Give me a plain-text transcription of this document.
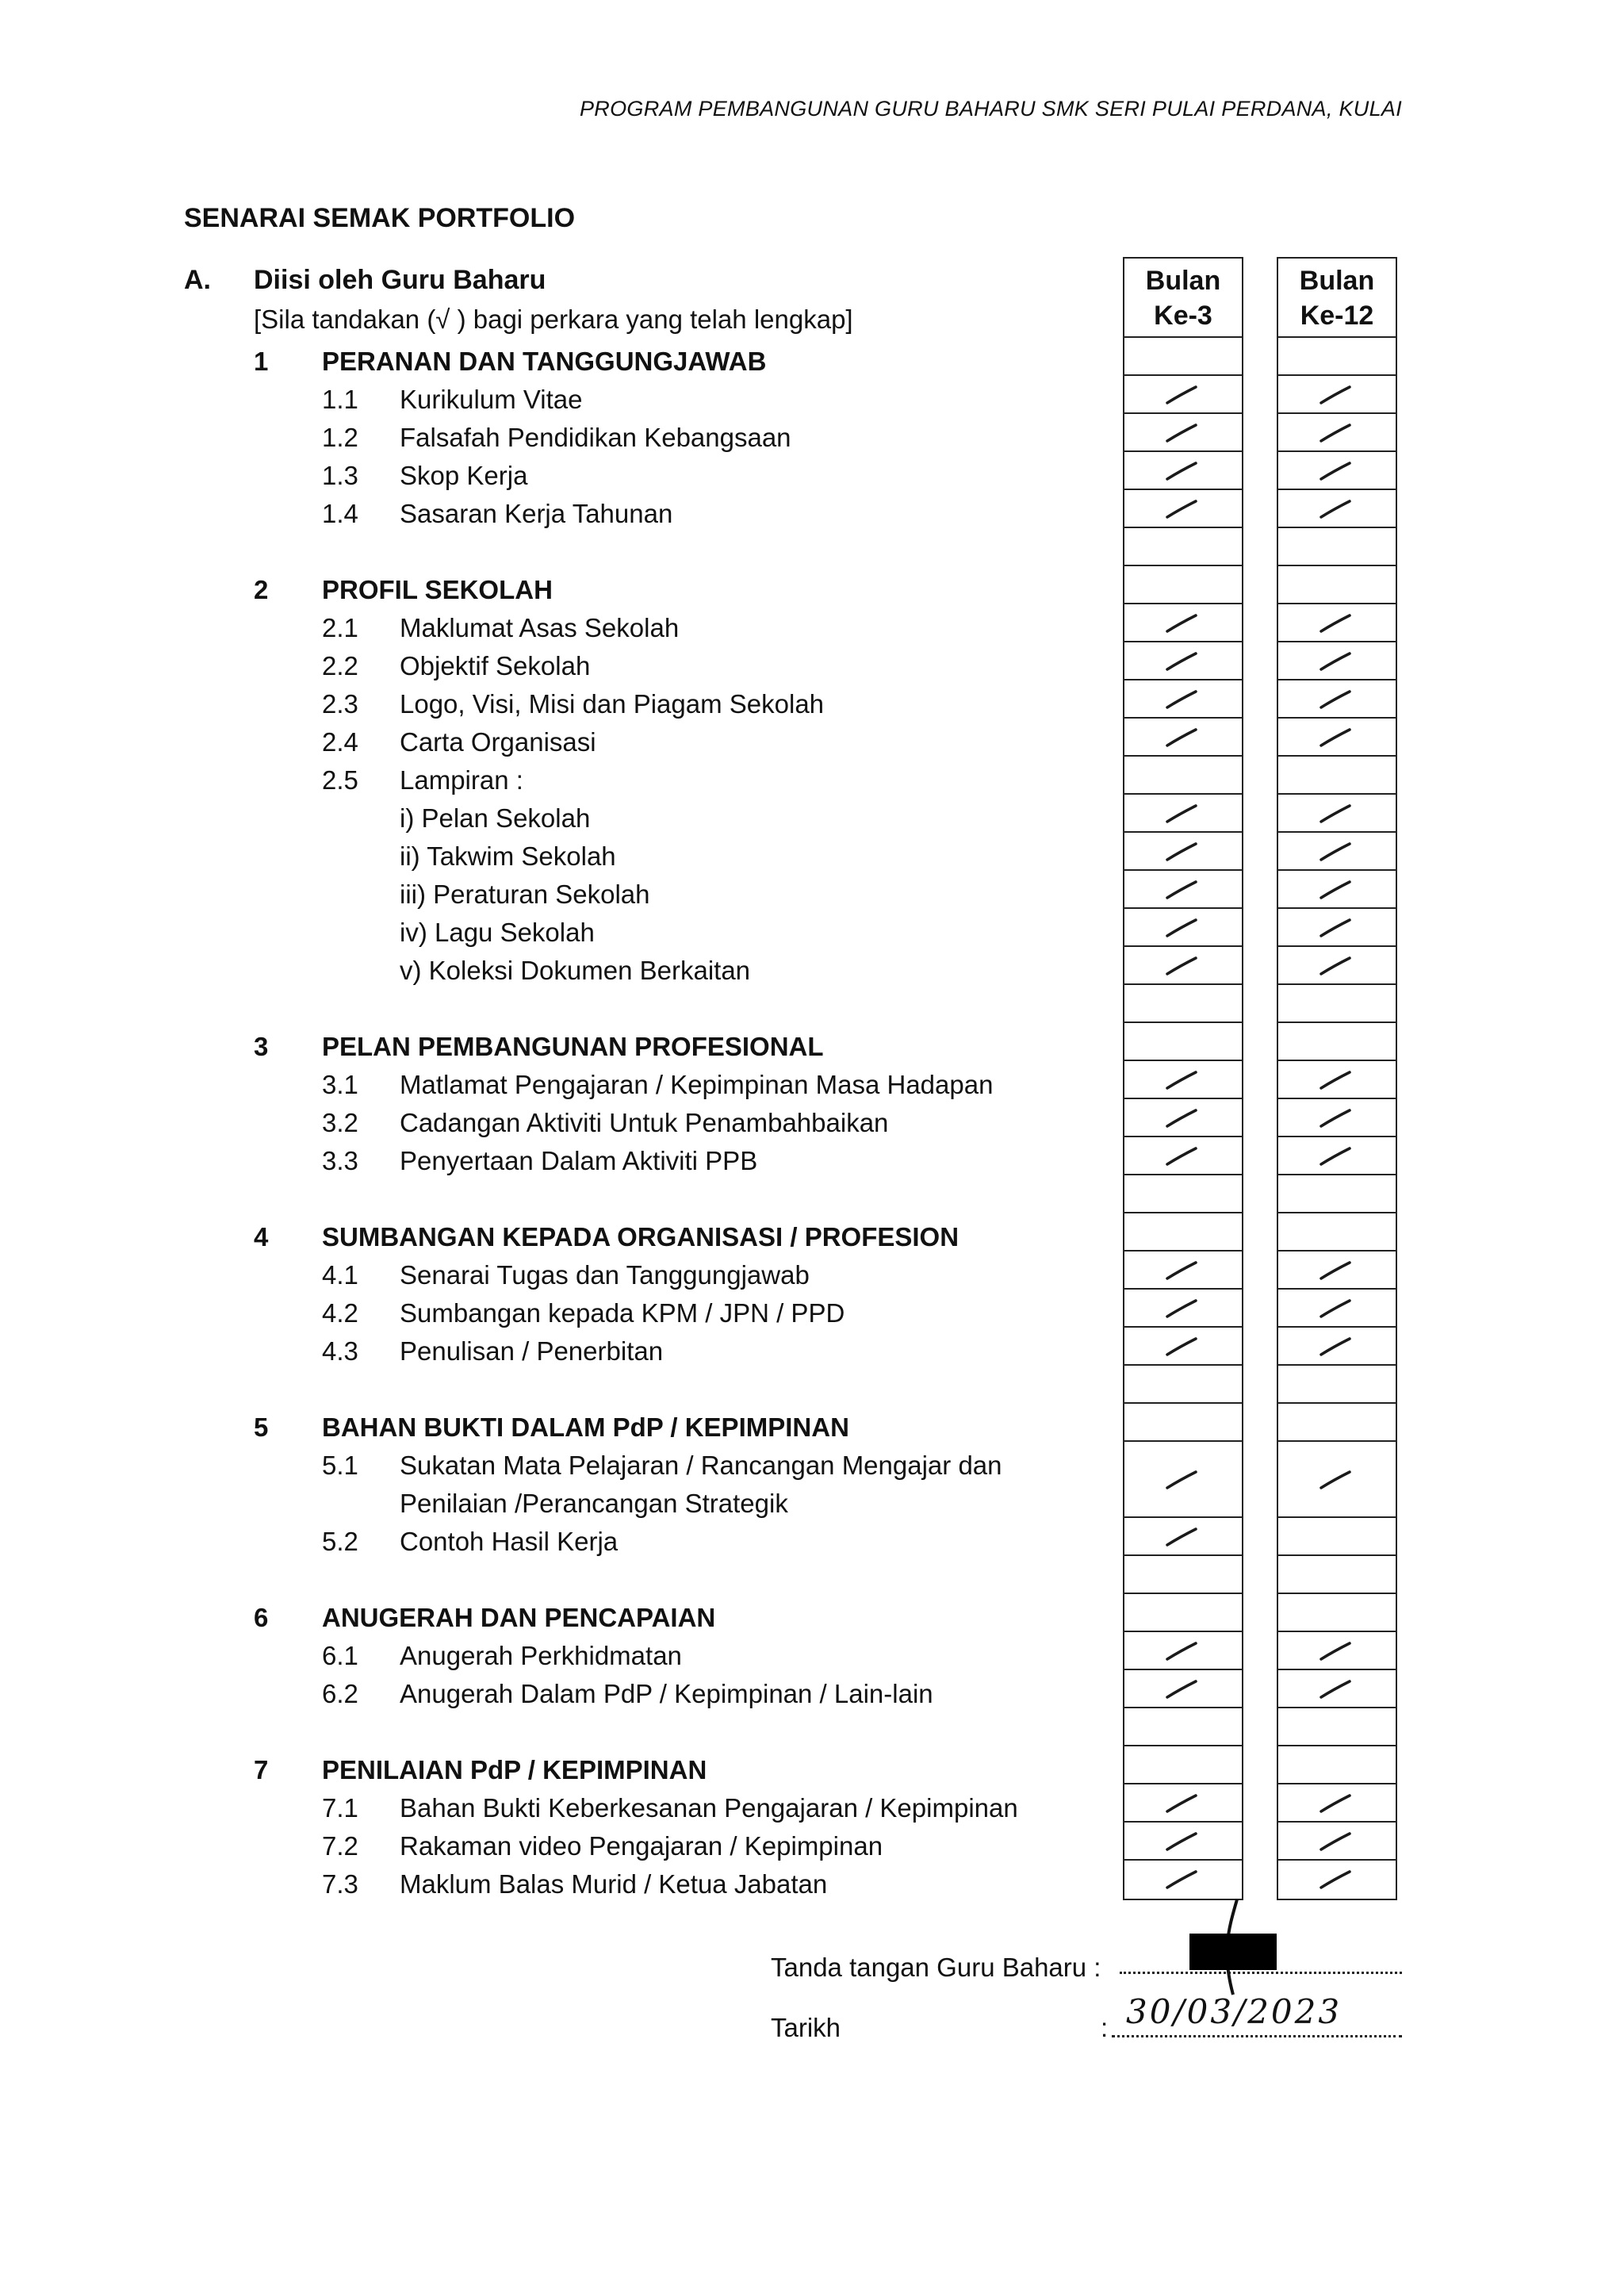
PROGRAM PEMBANGUNAN GURU BAHARU SMK SERI PULAI PERDANA, KULAI
SENARAI SEMAK PORTFOLIO
A. Diisi oleh Guru Baharu
[Sila tandakan (√ ) bagi perkara yang telah lengkap]
1 PERANAN DAN TANGGUNGJAWAB
1.1 Kurikulum Vitae
1.2 Falsafah Pendidikan Kebangsaan
1.3 Skop Kerja
1.4 Sasaran Kerja Tahunan
2 PROFIL SEKOLAH
2.1 Maklumat Asas Sekolah
2.2 Objektif Sekolah
2.3 Logo, Visi, Misi dan Piagam Sekolah
2.4 Carta Organisasi
2.5 Lampiran :
i) Pelan Sekolah
ii) Takwim Sekolah
iii) Peraturan Sekolah
iv) Lagu Sekolah
v) Koleksi Dokumen Berkaitan
3 PELAN PEMBANGUNAN PROFESIONAL
3.1 Matlamat Pengajaran / Kepimpinan Masa Hadapan
3.2 Cadangan Aktiviti Untuk Penambahbaikan
3.3 Penyertaan Dalam Aktiviti PPB
4 SUMBANGAN KEPADA ORGANISASI / PROFESION
4.1 Senarai Tugas dan Tanggungjawab
4.2 Sumbangan kepada KPM / JPN / PPD
4.3 Penulisan / Penerbitan
5 BAHAN BUKTI DALAM PdP / KEPIMPINAN
5.1 Sukatan Mata Pelajaran / Rancangan Mengajar dan
Penilaian /Perancangan Strategik
5.2 Contoh Hasil Kerja
6 ANUGERAH DAN PENCAPAIAN
6.1 Anugerah Perkhidmatan
6.2 Anugerah Dalam PdP / Kepimpinan / Lain-lain
7 PENILAIAN PdP / KEPIMPINAN
7.1 Bahan Bukti Keberkesanan Pengajaran / Kepimpinan
7.2 Rakaman video Pengajaran / Kepimpinan
7.3 Maklum Balas Murid / Ketua Jabatan
Bulan
Ke-3
Bulan
Ke-12
Tanda tangan Guru Baharu :
Tarikh	: 30/03/2023
